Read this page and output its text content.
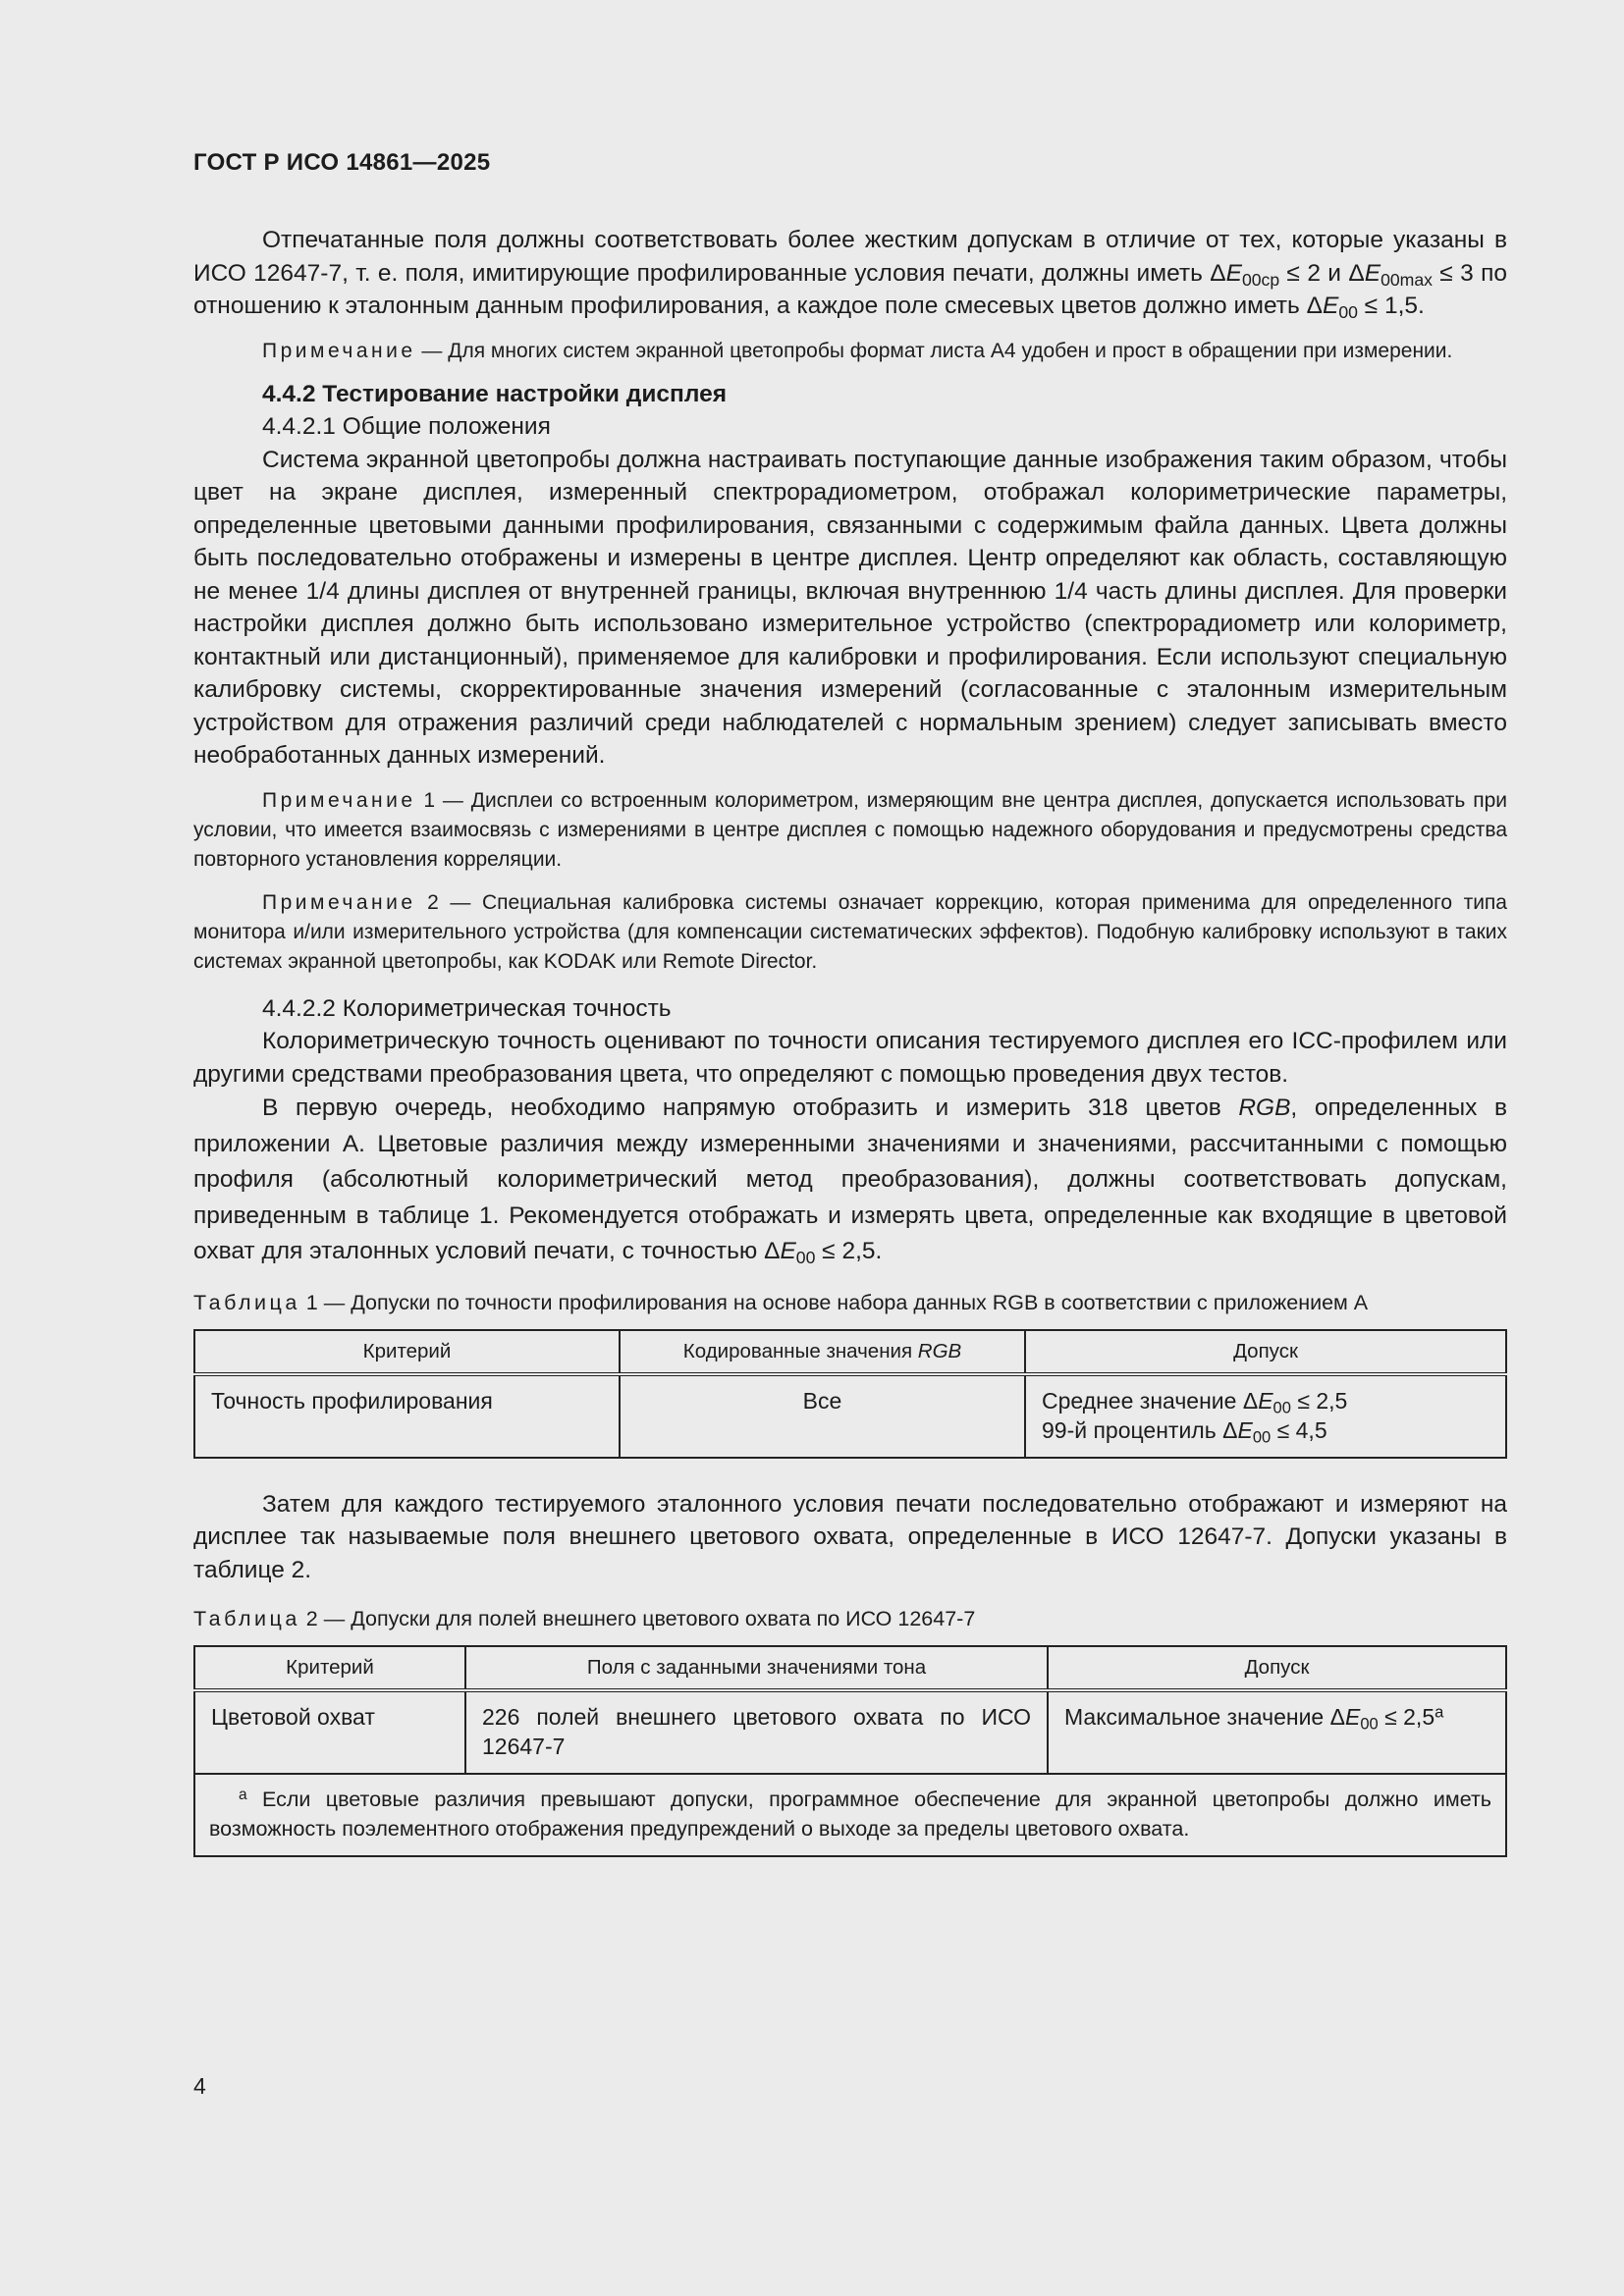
ГОСТ Р ИСО 14861—2025

Отпечатанные поля должны соответствовать более жестким допускам в отличие от тех, которые указаны в ИСО 12647-7, т. е. поля, имитирующие профилированные условия печати, должны иметь $\Delta E_{00ср} \le 2$ и $\Delta E_{00max} \le 3$ по отношению к эталонным данным профилирования, а каждое поле смесевых цветов должно иметь $\Delta E_{00} \le 1,5$.

Примечание — Для многих систем экранной цветопробы формат листа А4 удобен и прост в обращении при измерении.

4.4.2 Тестирование настройки дисплея
4.4.2.1 Общие положения

Система экранной цветопробы должна настраивать поступающие данные изображения таким образом, чтобы цвет на экране дисплея, измеренный спектрорадиометром, отображал колориметрические параметры, определенные цветовыми данными профилирования, связанными с содержимым файла данных. Цвета должны быть последовательно отображены и измерены в центре дисплея. Центр определяют как область, составляющую не менее 1/4 длины дисплея от внутренней границы, включая внутреннюю 1/4 часть длины дисплея. Для проверки настройки дисплея должно быть использовано измерительное устройство (спектрорадиометр или колориметр, контактный или дистанционный), применяемое для калибровки и профилирования. Если используют специальную калибровку системы, скорректированные значения измерений (согласованные с эталонным измерительным устройством для отражения различий среди наблюдателей с нормальным зрением) следует записывать вместо необработанных данных измерений.

Примечание 1 — Дисплеи со встроенным колориметром, измеряющим вне центра дисплея, допускается использовать при условии, что имеется взаимосвязь с измерениями в центре дисплея с помощью надежного оборудования и предусмотрены средства повторного установления корреляции.

Примечание 2 — Специальная калибровка системы означает коррекцию, которая применима для определенного типа монитора и/или измерительного устройства (для компенсации систематических эффектов). Подобную калибровку используют в таких системах экранной цветопробы, как KODAK или Remote Director.

4.4.2.2 Колориметрическая точность

Колориметрическую точность оценивают по точности описания тестируемого дисплея его ICC-профилем или другими средствами преобразования цвета, что определяют с помощью проведения двух тестов.

В первую очередь, необходимо напрямую отобразить и измерить 318 цветов RGB, определенных в приложении А. Цветовые различия между измеренными значениями и значениями, рассчитанными с помощью профиля (абсолютный колориметрический метод преобразования), должны соответствовать допускам, приведенным в таблице 1. Рекомендуется отображать и измерять цвета, определенные как входящие в цветовой охват для эталонных условий печати, с точностью $\Delta E_{00} \le 2,5$.

Таблица 1 — Допуски по точности профилирования на основе набора данных RGB в соответствии с приложением А

Критерий	Кодированные значения RGB	Допуск
Точность профилирования	Все	Среднее значение $\Delta E_{00} \le 2,5$
99-й процентиль $\Delta E_{00} \le 4,5$

Затем для каждого тестируемого эталонного условия печати последовательно отображают и измеряют на дисплее так называемые поля внешнего цветового охвата, определенные в ИСО 12647-7. Допуски указаны в таблице 2.

Таблица 2 — Допуски для полей внешнего цветового охвата по ИСО 12647-7

Критерий	Поля с заданными значениями тона	Допуск
Цветовой охват	226 полей внешнего цветового охвата по ИСО 12647-7	Максимальное значение $\Delta E_{00} \le 2,5^a$
$^a$ Если цветовые различия превышают допуски, программное обеспечение для экранной цветопробы должно иметь возможность поэлементного отображения предупреждений о выходе за пределы цветового охвата.		
4
